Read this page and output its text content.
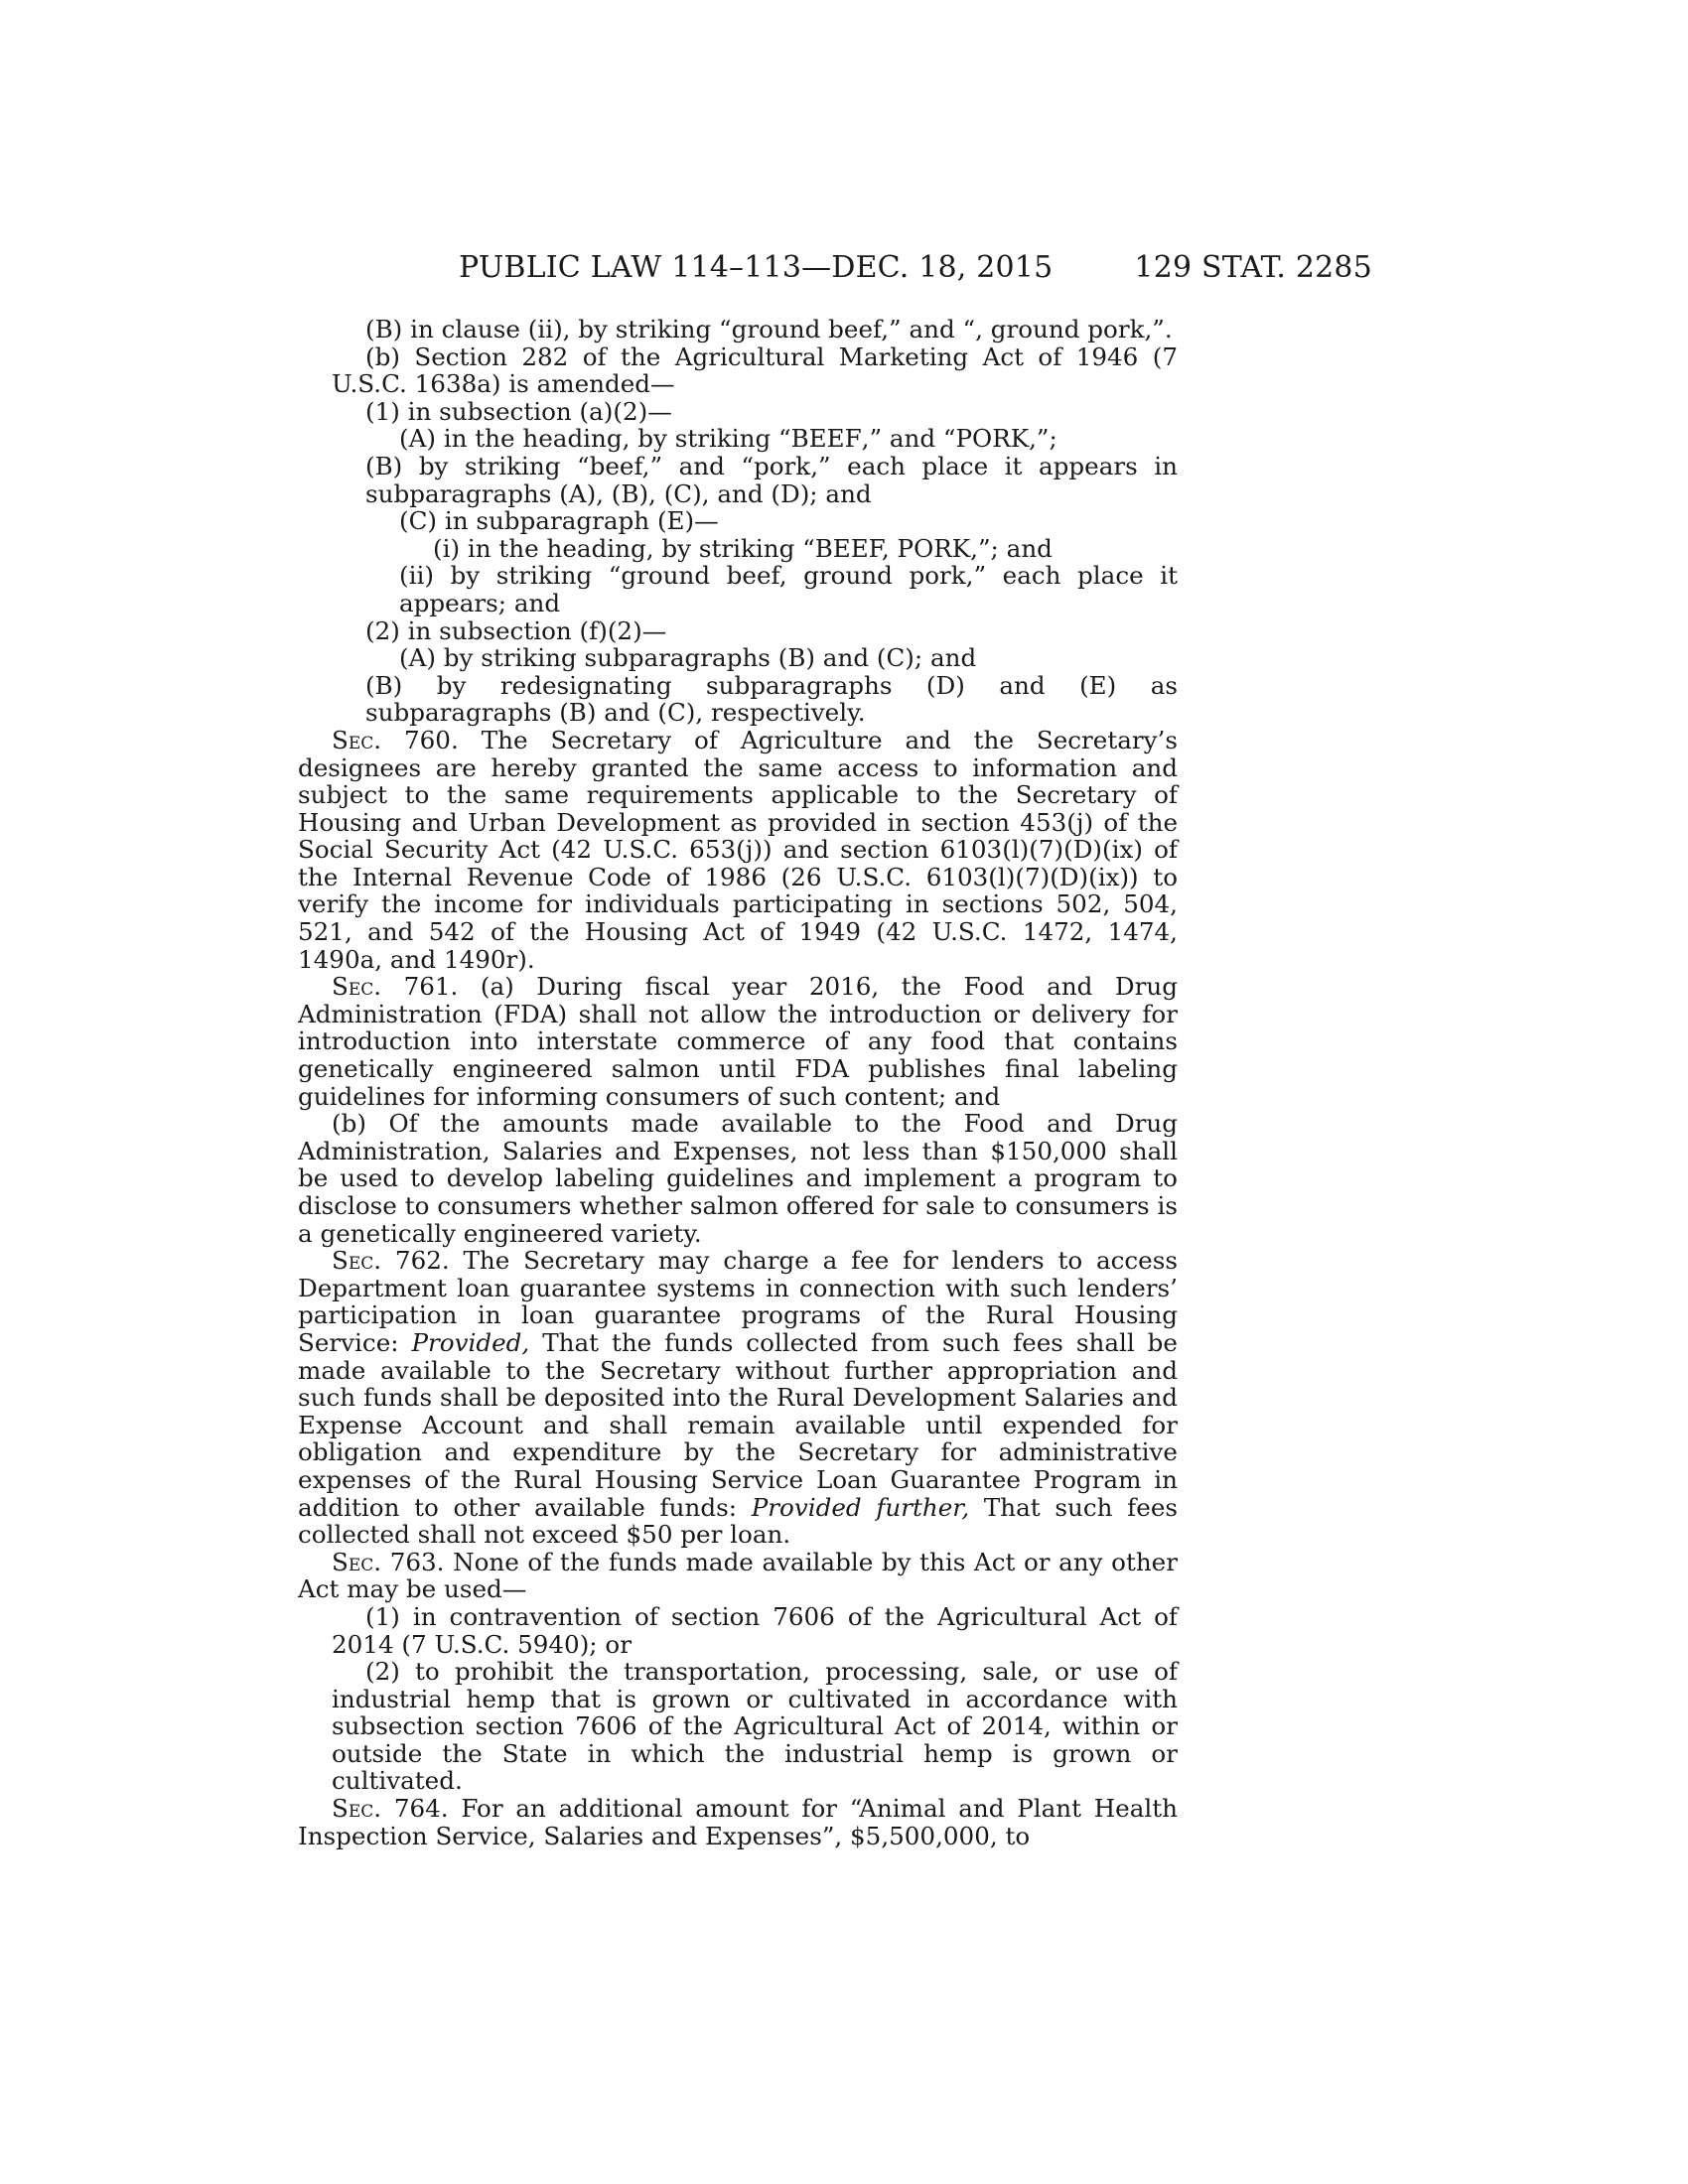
PUBLIC LAW 114–113—DEC. 18, 2015	129 STAT. 2285

(B) in clause (ii), by striking “ground beef,” and “, ground pork,”.

(b) Section 282 of the Agricultural Marketing Act of 1946 (7 U.S.C. 1638a) is amended—

(1) in subsection (a)(2)—

(A) in the heading, by striking “BEEF,” and “PORK,”;

(B) by striking “beef,” and “pork,” each place it appears in subparagraphs (A), (B), (C), and (D); and

(C) in subparagraph (E)—

(i) in the heading, by striking “BEEF, PORK,”; and

(ii) by striking “ground beef, ground pork,” each place it appears; and

(2) in subsection (f)(2)—

(A) by striking subparagraphs (B) and (C); and

(B) by redesignating subparagraphs (D) and (E) as subparagraphs (B) and (C), respectively.

Sec. 760. The Secretary of Agriculture and the Secretary’s designees are hereby granted the same access to information and subject to the same requirements applicable to the Secretary of Housing and Urban Development as provided in section 453(j) of the Social Security Act (42 U.S.C. 653(j)) and section 6103(l)(7)(D)(ix) of the Internal Revenue Code of 1986 (26 U.S.C. 6103(l)(7)(D)(ix)) to verify the income for individuals participating in sections 502, 504, 521, and 542 of the Housing Act of 1949 (42 U.S.C. 1472, 1474, 1490a, and 1490r).

Sec. 761. (a) During fiscal year 2016, the Food and Drug Administration (FDA) shall not allow the introduction or delivery for introduction into interstate commerce of any food that contains genetically engineered salmon until FDA publishes final labeling guidelines for informing consumers of such content; and

(b) Of the amounts made available to the Food and Drug Administration, Salaries and Expenses, not less than $150,000 shall be used to develop labeling guidelines and implement a program to disclose to consumers whether salmon offered for sale to consumers is a genetically engineered variety.

Sec. 762. The Secretary may charge a fee for lenders to access Department loan guarantee systems in connection with such lenders’ participation in loan guarantee programs of the Rural Housing Service: Provided, That the funds collected from such fees shall be made available to the Secretary without further appropriation and such funds shall be deposited into the Rural Development Salaries and Expense Account and shall remain available until expended for obligation and expenditure by the Secretary for administrative expenses of the Rural Housing Service Loan Guarantee Program in addition to other available funds: Provided further, That such fees collected shall not exceed $50 per loan.

Sec. 763. None of the funds made available by this Act or any other Act may be used—

(1) in contravention of section 7606 of the Agricultural Act of 2014 (7 U.S.C. 5940); or

(2) to prohibit the transportation, processing, sale, or use of industrial hemp that is grown or cultivated in accordance with subsection section 7606 of the Agricultural Act of 2014, within or outside the State in which the industrial hemp is grown or cultivated.

Sec. 764. For an additional amount for “Animal and Plant Health Inspection Service, Salaries and Expenses”, $5,500,000, to
